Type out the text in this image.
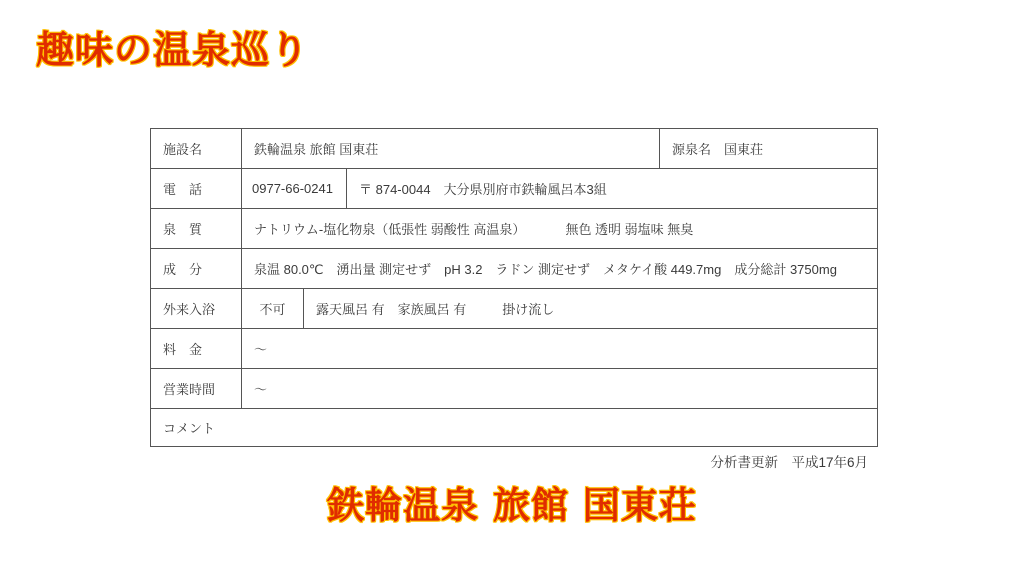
趣味の温泉巡り
施設名	鉄輪温泉 旅館 国東荘	源泉名　国東荘
電　話	0977-66-0241	〒 874-0044　大分県別府市鉄輪風呂本3組
泉　質	ナトリウム-塩化物泉（低張性 弱酸性 高温泉）	無色 透明 弱塩味 無臭
成　分	泉温 80.0℃　湧出量 測定せず　pH 3.2　ラドン 測定せず　メタケイ酸 449.7mg　成分総計 3750mg
外来入浴	不可	露天風呂 有　家族風呂 有	掛け流し
料　金	～
営業時間	～
コメント
分析書更新　平成17年6月
鉄輪温泉 旅館 国東荘
